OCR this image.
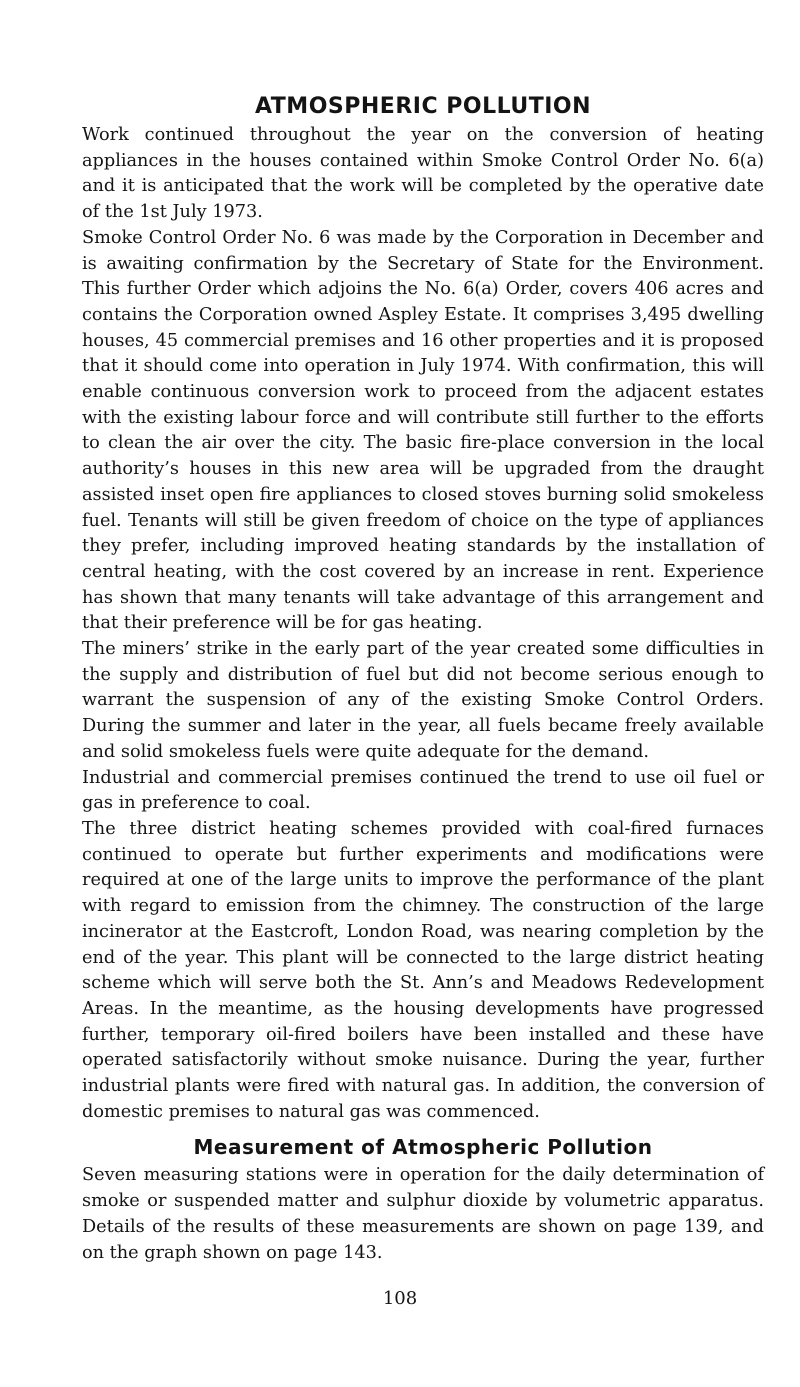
ATMOSPHERIC POLLUTION

Work continued throughout the year on the conversion of heating appliances in the houses contained within Smoke Control Order No. 6(a) and it is anticipated that the work will be completed by the operative date of the 1st July 1973.

Smoke Control Order No. 6 was made by the Corporation in December and is awaiting confirmation by the Secretary of State for the Environment. This further Order which adjoins the No. 6(a) Order, covers 406 acres and contains the Corporation owned Aspley Estate. It comprises 3,495 dwelling houses, 45 commercial premises and 16 other properties and it is proposed that it should come into operation in July 1974. With confirmation, this will enable continuous conversion work to proceed from the adjacent estates with the existing labour force and will contribute still further to the efforts to clean the air over the city. The basic fire-place conversion in the local authority’s houses in this new area will be upgraded from the draught assisted inset open fire appliances to closed stoves burning solid smokeless fuel. Tenants will still be given freedom of choice on the type of appliances they prefer, including improved heating standards by the installation of central heating, with the cost covered by an increase in rent. Experience has shown that many tenants will take advantage of this arrangement and that their preference will be for gas heating.

The miners’ strike in the early part of the year created some difficulties in the supply and distribution of fuel but did not become serious enough to warrant the suspension of any of the existing Smoke Control Orders. During the summer and later in the year, all fuels became freely available and solid smokeless fuels were quite adequate for the demand.

Industrial and commercial premises continued the trend to use oil fuel or gas in preference to coal.

The three district heating schemes provided with coal-fired furnaces continued to operate but further experiments and modifications were required at one of the large units to improve the performance of the plant with regard to emission from the chimney. The construction of the large incinerator at the Eastcroft, London Road, was nearing completion by the end of the year. This plant will be connected to the large district heating scheme which will serve both the St. Ann’s and Meadows Redevelopment Areas. In the meantime, as the housing developments have progressed further, temporary oil-fired boilers have been installed and these have operated satisfactorily without smoke nuisance. During the year, further industrial plants were fired with natural gas. In addition, the conversion of domestic premises to natural gas was commenced.

Measurement of Atmospheric Pollution

Seven measuring stations were in operation for the daily determination of smoke or suspended matter and sulphur dioxide by volumetric apparatus. Details of the results of these measurements are shown on page 139, and on the graph shown on page 143.

108
